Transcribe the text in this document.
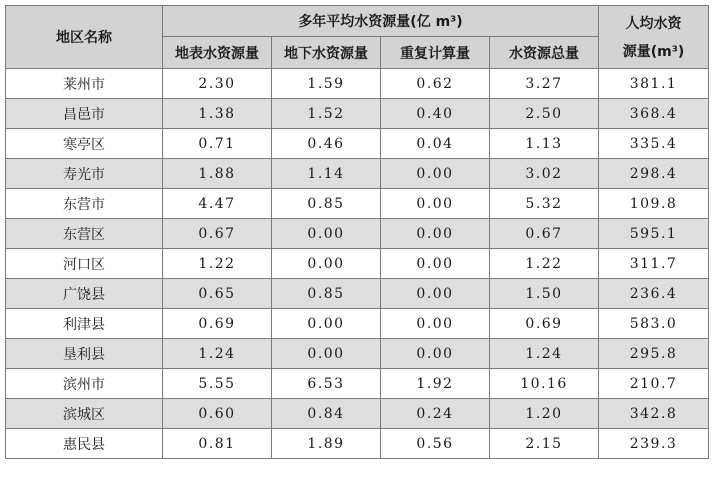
地区名称	多年平均水资源量(亿 m³)				人均水资
源量(m³)

	地表水资源量	地下水资源量	重复计算量	水资源总量	
莱州市	2.30	1.59	0.62	3.27	381.1
昌邑市	1.38	1.52	0.40	2.50	368.4
寒亭区	0.71	0.46	0.04	1.13	335.4
寿光市	1.88	1.14	0.00	3.02	298.4
东营市	4.47	0.85	0.00	5.32	109.8
东营区	0.67	0.00	0.00	0.67	595.1
河口区	1.22	0.00	0.00	1.22	311.7
广饶县	0.65	0.85	0.00	1.50	236.4
利津县	0.69	0.00	0.00	0.69	583.0
垦利县	1.24	0.00	0.00	1.24	295.8
滨州市	5.55	6.53	1.92	10.16	210.7
滨城区	0.60	0.84	0.24	1.20	342.8
惠民县	0.81	1.89	0.56	2.15	239.3
